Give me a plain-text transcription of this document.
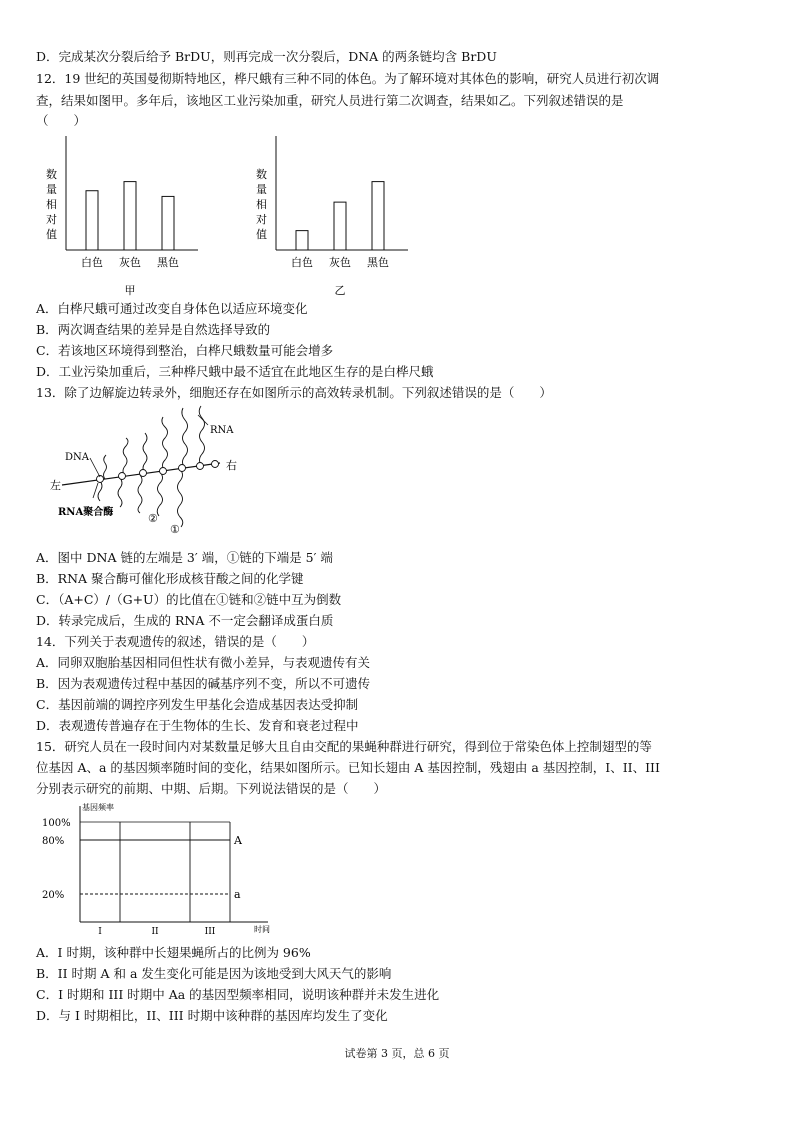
D．完成某次分裂后给予 BrDU，则再完成一次分裂后，DNA 的两条链均含 BrDU
12．19 世纪的英国曼彻斯特地区，桦尺蛾有三种不同的体色。为了解环境对其体色的影响，研究人员进行初次调
查，结果如图甲。多年后，该地区工业污染加重，研究人员进行第二次调查，结果如乙。下列叙述错误的是
（　　）
数
量
相
对
值
白色 灰色 黑色
甲
数
量
相
对
值
白色 灰色 黑色
乙
A．白桦尺蛾可通过改变自身体色以适应环境变化
B．两次调查结果的差异是自然选择导致的
C．若该地区环境得到整治，白桦尺蛾数量可能会增多
D．工业污染加重后，三种桦尺蛾中最不适宜在此地区生存的是白桦尺蛾
13．除了边解旋边转录外，细胞还存在如图所示的高效转录机制。下列叙述错误的是（　　）
RNA
DNA
左
右
RNA聚合酶	②
①
A．图中 DNA 链的左端是 3′ 端，①链的下端是 5′ 端
B．RNA 聚合酶可催化形成核苷酸之间的化学键
C．（A+C）/（G+U）的比值在①链和②链中互为倒数
D．转录完成后，生成的 RNA 不一定会翻译成蛋白质
14．下列关于表观遗传的叙述，错误的是（　　）
A．同卵双胞胎基因相同但性状有微小差异，与表观遗传有关
B．因为表观遗传过程中基因的碱基序列不变，所以不可遗传
C．基因前端的调控序列发生甲基化会造成基因表达受抑制
D．表观遗传普遍存在于生物体的生长、发育和衰老过程中
15．研究人员在一段时间内对某数量足够大且自由交配的果蝇种群进行研究，得到位于常染色体上控制翅型的等
位基因 A、a 的基因频率随时间的变化，结果如图所示。已知长翅由 A 基因控制，残翅由 a 基因控制，I、II、III
分别表示研究的前期、中期、后期。下列说法错误的是（　　）
基因频率
时间
100%
80%
20%
I	II	III
a
A
A．I 时期，该种群中长翅果蝇所占的比例为 96%
B．II 时期 A 和 a 发生变化可能是因为该地受到大风天气的影响
C．I 时期和 III 时期中 Aa 的基因型频率相同，说明该种群并未发生进化
D．与 I 时期相比，II、III 时期中该种群的基因库均发生了变化
试卷第 3 页，总 6 页
